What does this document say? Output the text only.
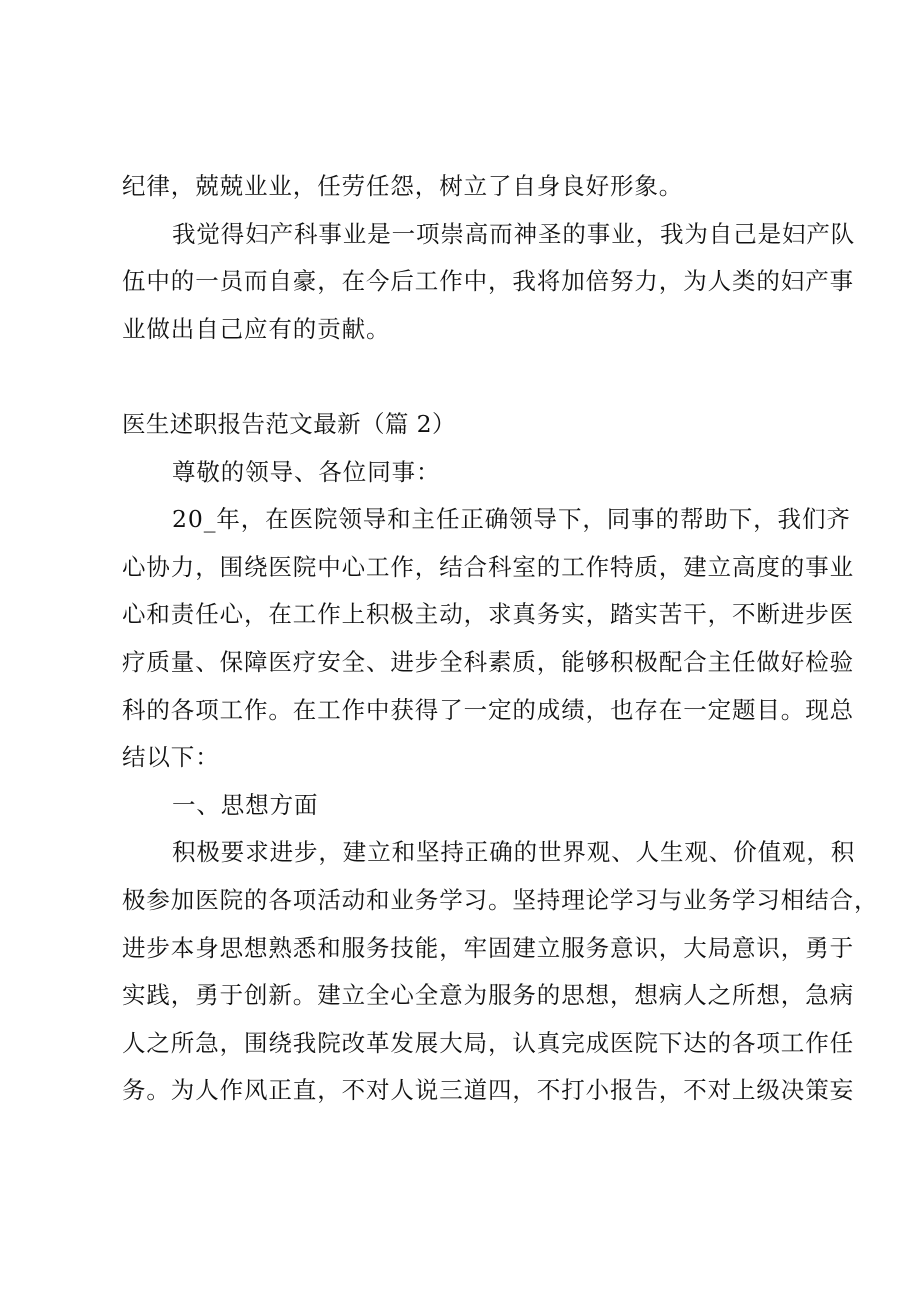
纪律，兢兢业业，任劳任怨，树立了自身良好形象。
我觉得妇产科事业是一项崇高而神圣的事业，我为自己是妇产队
伍中的一员而自豪，在今后工作中，我将加倍努力，为人类的妇产事
业做出自己应有的贡献。
医生述职报告范文最新（篇 2）
尊敬的领导、各位同事：
20_年，在医院领导和主任正确领导下，同事的帮助下，我们齐
心协力，围绕医院中心工作，结合科室的工作特质，建立高度的事业
心和责任心，在工作上积极主动，求真务实，踏实苦干，不断进步医
疗质量、保障医疗安全、进步全科素质，能够积极配合主任做好检验
科的各项工作。在工作中获得了一定的成绩，也存在一定题目。现总
结以下：
一、思想方面
积极要求进步，建立和坚持正确的世界观、人生观、价值观，积
极参加医院的各项活动和业务学习。坚持理论学习与业务学习相结合，
进步本身思想熟悉和服务技能，牢固建立服务意识，大局意识，勇于
实践，勇于创新。建立全心全意为服务的思想，想病人之所想，急病
人之所急，围绕我院改革发展大局，认真完成医院下达的各项工作任
务。为人作风正直，不对人说三道四，不打小报告，不对上级决策妄
